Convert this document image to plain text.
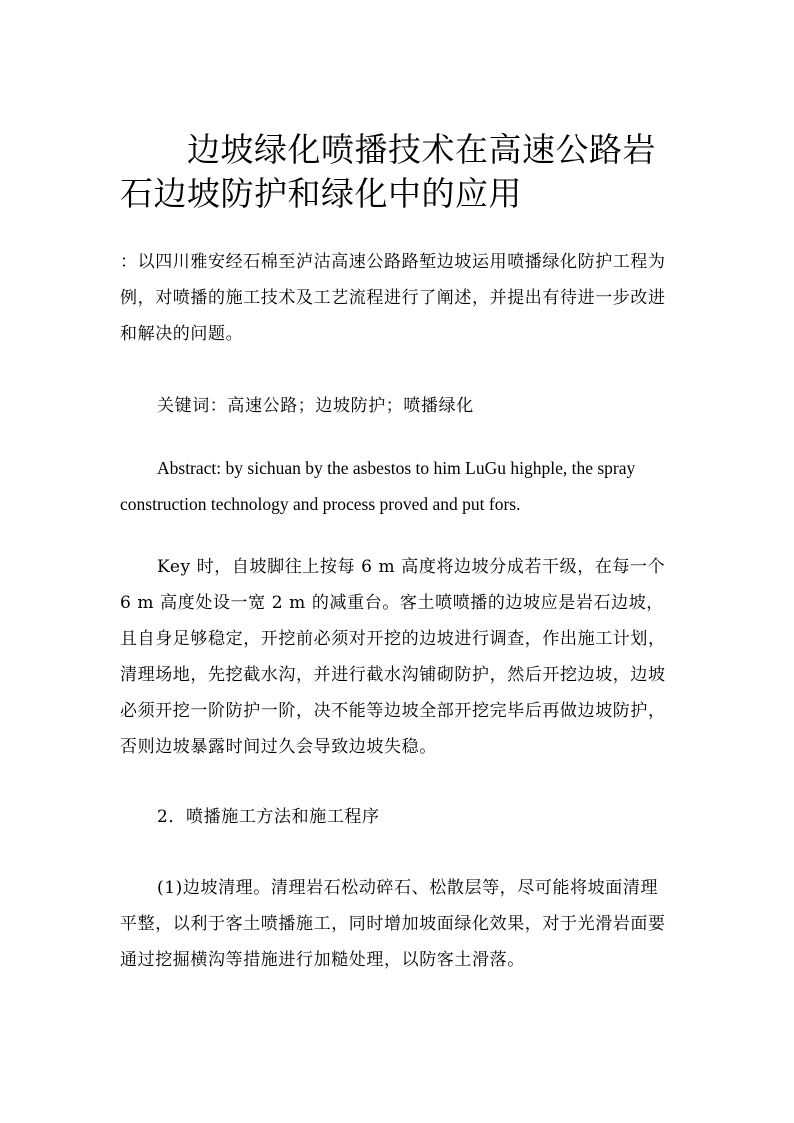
边坡绿化喷播技术在高速公路岩石边坡防护和绿化中的应用

：以四川雅安经石棉至泸沽高速公路路堑边坡运用喷播绿化防护工程为例，对喷播的施工技术及工艺流程进行了阐述，并提出有待进一步改进和解决的问题。

关键词：高速公路；边坡防护；喷播绿化

Abstract: by sichuan by the asbestos to him LuGu highple, the spray construction technology and process proved and put fors.

Key 时，自坡脚往上按每 6 m 高度将边坡分成若干级，在每一个 6 m 高度处设一宽 2 m 的减重台。客土喷喷播的边坡应是岩石边坡，且自身足够稳定，开挖前必须对开挖的边坡进行调查，作出施工计划，清理场地，先挖截水沟，并进行截水沟铺砌防护，然后开挖边坡，边坡必须开挖一阶防护一阶，决不能等边坡全部开挖完毕后再做边坡防护，否则边坡暴露时间过久会导致边坡失稳。

2．喷播施工方法和施工程序

(1)边坡清理。清理岩石松动碎石、松散层等，尽可能将坡面清理平整，以利于客土喷播施工，同时增加坡面绿化效果，对于光滑岩面要通过挖掘横沟等措施进行加糙处理，以防客土滑落。
